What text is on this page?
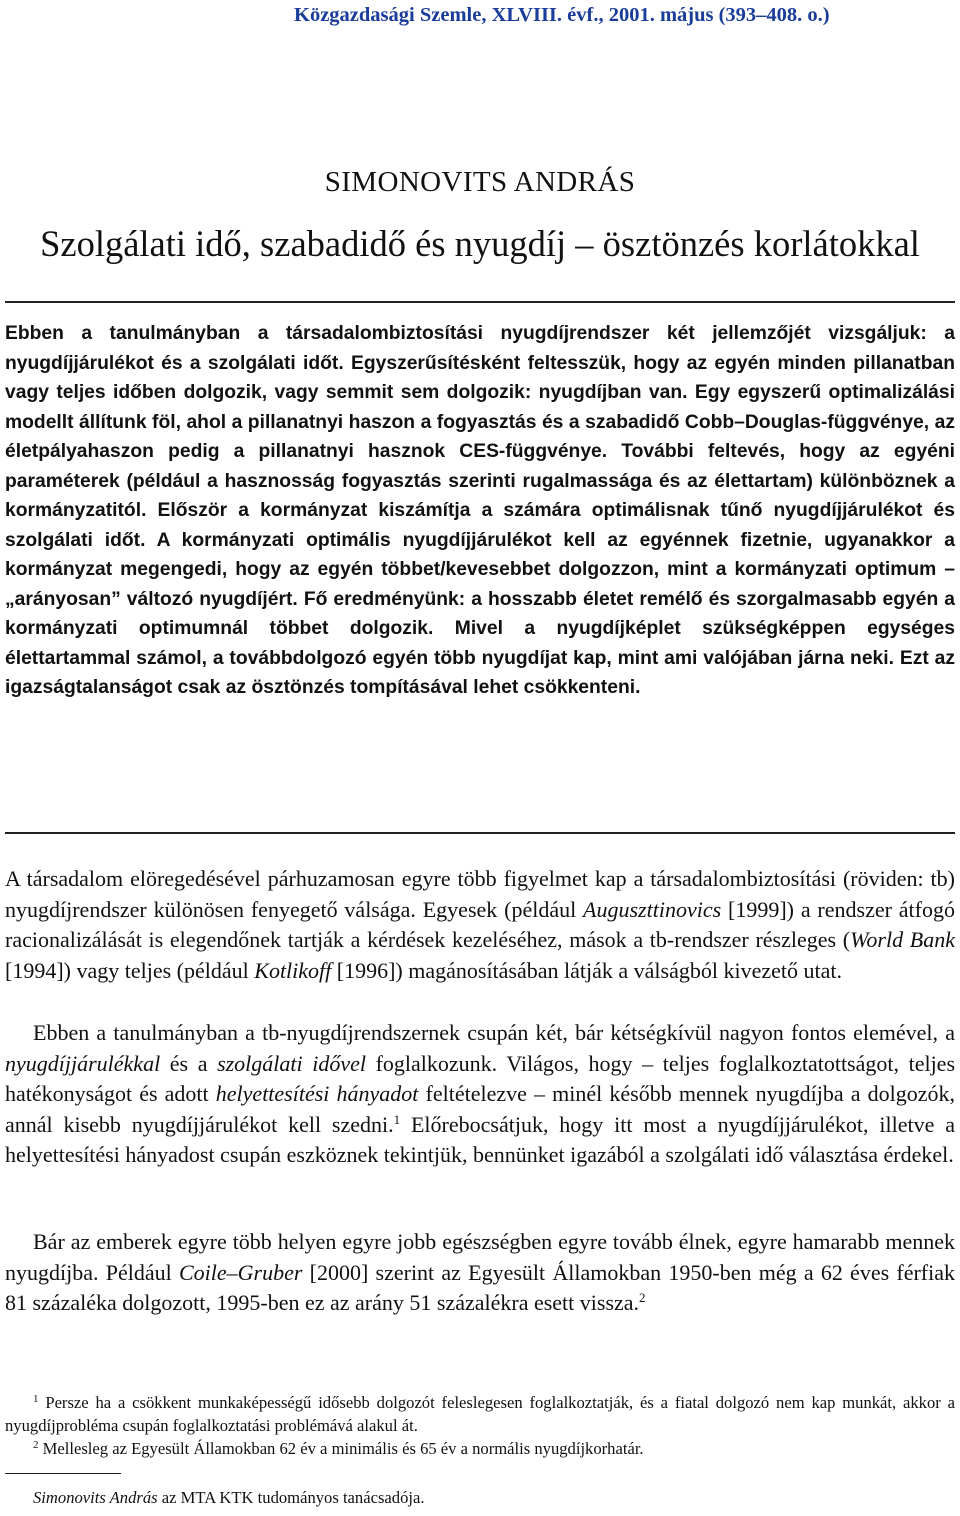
Közgazdasági Szemle, XLVIII. évf., 2001. május (393–408. o.)
SIMONOVITS ANDRÁS
Szolgálati idő, szabadidő és nyugdíj – ösztönzés korlátokkal
Ebben a tanulmányban a társadalombiztosítási nyugdíjrendszer két jellemzőjét vizsgáljuk: a nyugdíjjárulékot és a szolgálati időt. Egyszerűsítésként feltesszük, hogy az egyén minden pillanatban vagy teljes időben dolgozik, vagy semmit sem dolgozik: nyugdíjban van. Egy egyszerű optimalizálási modellt állítunk föl, ahol a pillanatnyi haszon a fogyasztás és a szabadidő Cobb–Douglas-függvénye, az életpályahaszon pedig a pillanatnyi hasznok CES-függvénye. További feltevés, hogy az egyéni paraméterek (például a hasznosság fogyasztás szerinti rugalmassága és az élettartam) különböznek a kormányzatitól. Először a kormányzat kiszámítja a számára optimálisnak tűnő nyugdíjjárulékot és szolgálati időt. A kormányzati optimális nyugdíjjárulékot kell az egyénnek fizetnie, ugyanakkor a kormányzat megengedi, hogy az egyén többet/kevesebbet dolgozzon, mint a kormányzati optimum – „arányosan” változó nyugdíjért. Fő eredményünk: a hosszabb életet remélő és szorgalmasabb egyén a kormányzati optimumnál többet dolgozik. Mivel a nyugdíjképlet szükségképpen egységes élettartammal számol, a továbbdolgozó egyén több nyugdíjat kap, mint ami valójában járna neki. Ezt az igazságtalanságot csak az ösztönzés tompításával lehet csökkenteni.
A társadalom elöregedésével párhuzamosan egyre több figyelmet kap a társadalombiztosítási (röviden: tb) nyugdíjrendszer különösen fenyegető válsága. Egyesek (például Auguszttinovics [1999]) a rendszer átfogó racionalizálását is elegendőnek tartják a kérdések kezeléséhez, mások a tb-rendszer részleges (World Bank [1994]) vagy teljes (például Kotlikoff [1996]) magánosításában látják a válságból kivezető utat.
Ebben a tanulmányban a tb-nyugdíjrendszernek csupán két, bár kétségkívül nagyon fontos elemével, a nyugdíjjárulékkal és a szolgálati idővel foglalkozunk. Világos, hogy – teljes foglalkoztatottságot, teljes hatékonyságot és adott helyettesítési hányadot feltételezve – minél később mennek nyugdíjba a dolgozók, annál kisebb nyugdíjjárulékot kell szedni.$^1$ Előrebocsátjuk, hogy itt most a nyugdíjjárulékot, illetve a helyettesítési hányadost csupán eszköznek tekintjük, bennünket igazából a szolgálati idő választása érdekel.
Bár az emberek egyre több helyen egyre jobb egészségben egyre tovább élnek, egyre hamarabb mennek nyugdíjba. Például Coile–Gruber [2000] szerint az Egyesült Államokban 1950-ben még a 62 éves férfiak 81 százaléka dolgozott, 1995-ben ez az arány 51 százalékra esett vissza.$^2$

$^1$ Persze ha a csökkent munkaképességű idősebb dolgozót feleslegesen foglalkoztatják, és a fiatal dolgozó nem kap munkát, akkor a nyugdíjprobléma csupán foglalkoztatási problémává alakul át.

$^2$ Mellesleg az Egyesült Államokban 62 év a minimális és 65 év a normális nyugdíjkorhatár.

Simonovits András az MTA KTK tudományos tanácsadója.
